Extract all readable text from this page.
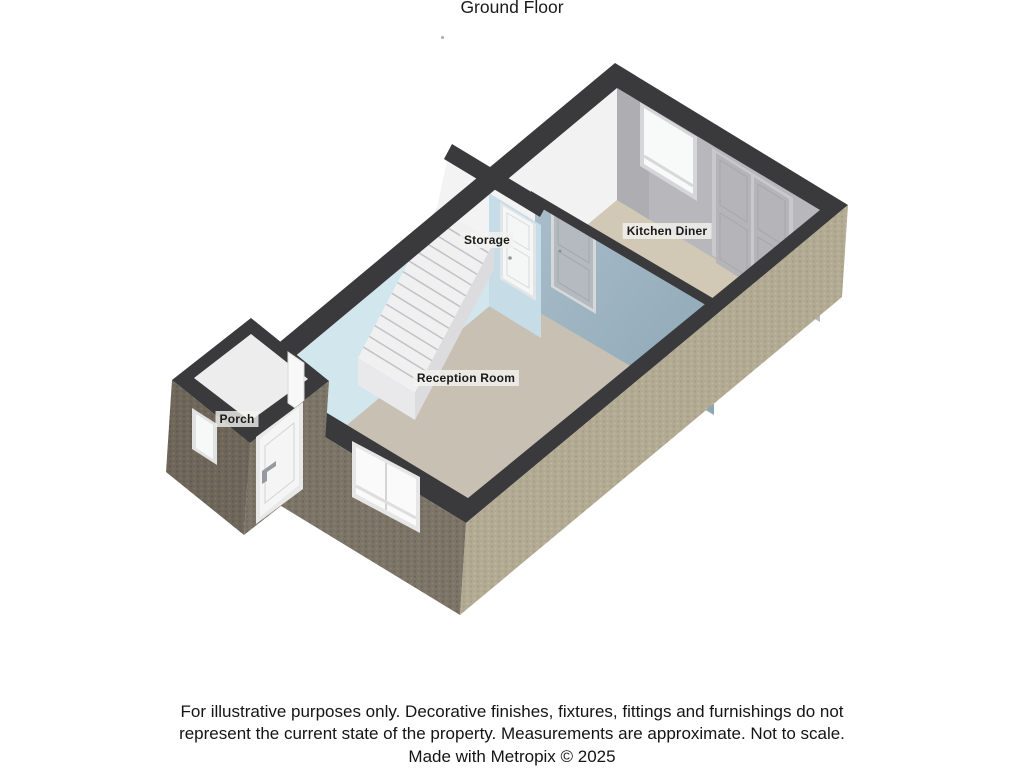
Ground Floor
Storage
Kitchen Diner
Reception Room
Porch
For illustrative purposes only. Decorative finishes, fixtures, fittings and furnishings do not
represent the current state of the property. Measurements are approximate. Not to scale.
Made with Metropix © 2025
